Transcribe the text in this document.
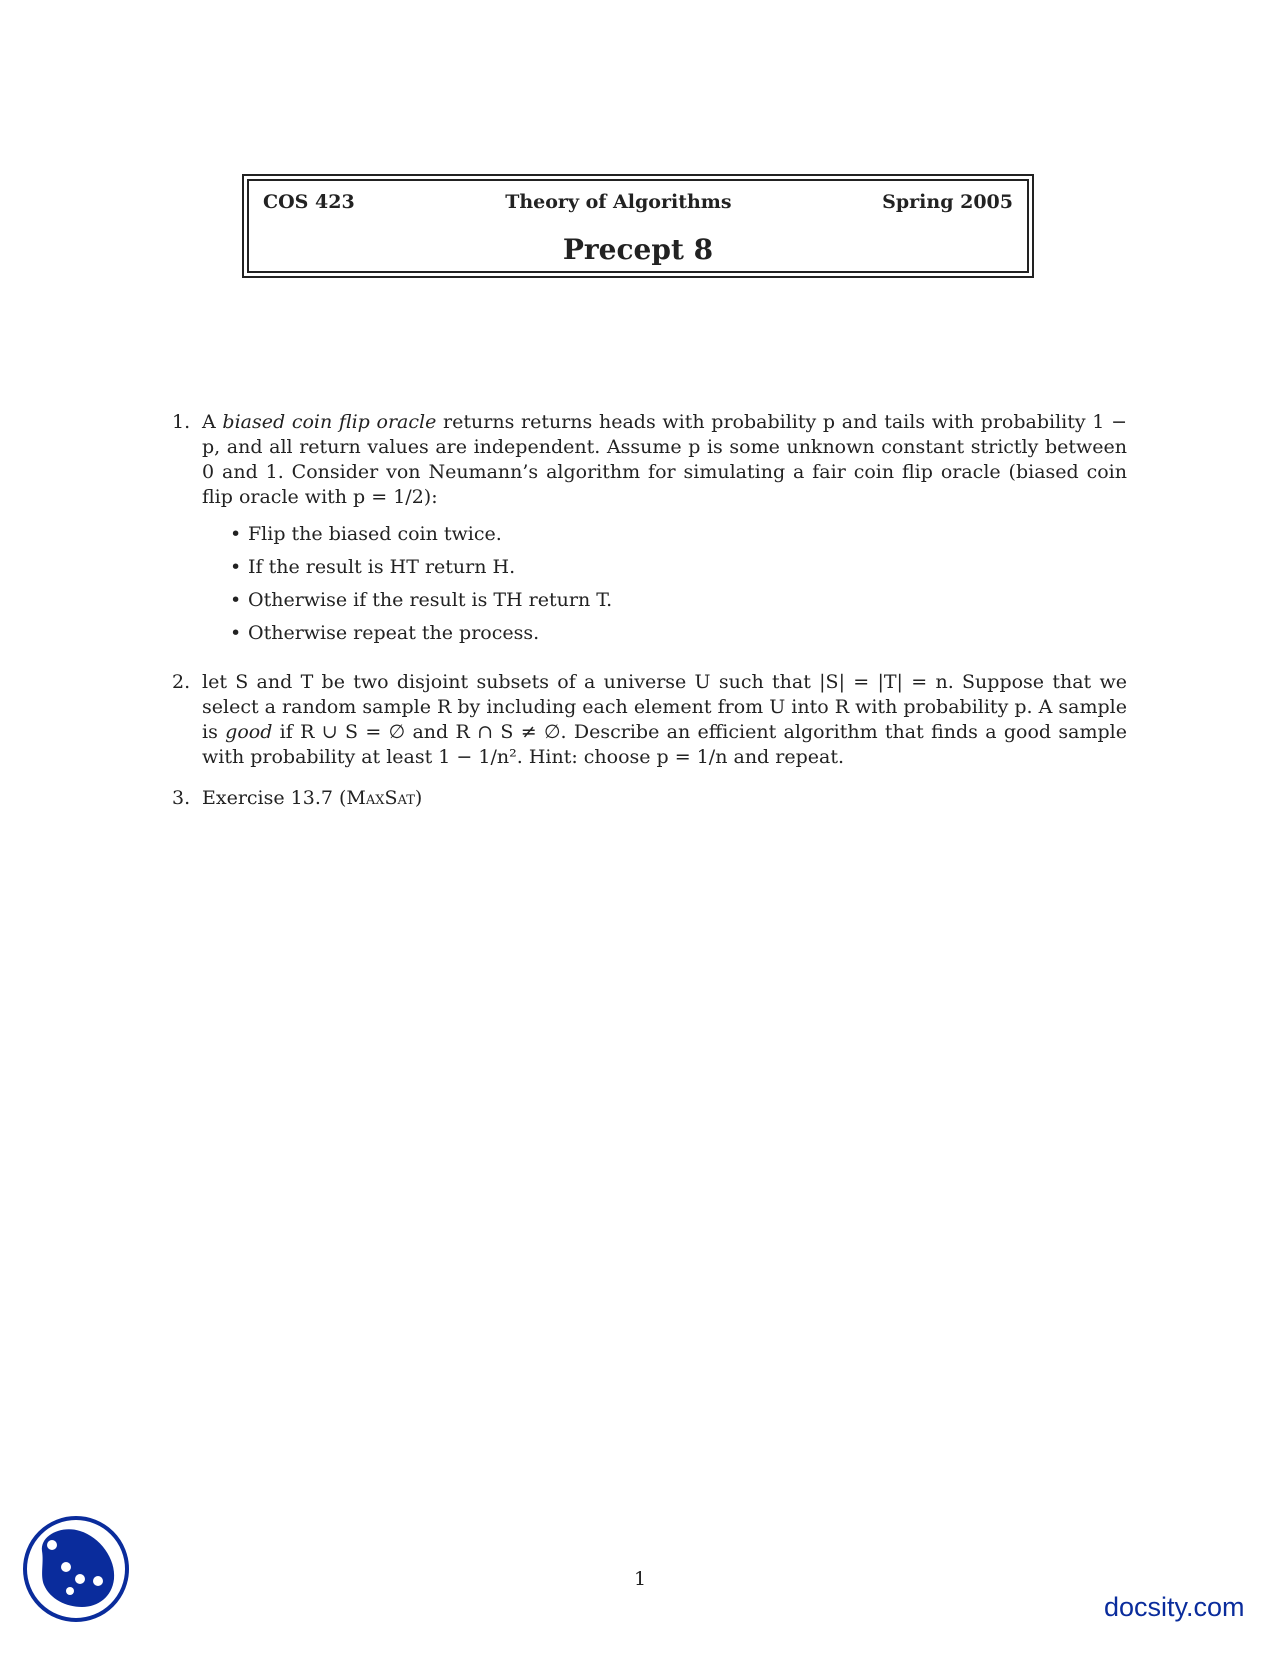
COS 423	Theory of Algorithms	Spring 2005
Precept 8
1. A biased coin flip oracle returns returns heads with probability p and tails with probability 1 − p, and all return values are independent. Assume p is some unknown constant strictly between 0 and 1. Consider von Neumann’s algorithm for simulating a fair coin flip oracle (biased coin flip oracle with p = 1/2):
• Flip the biased coin twice.
• If the result is HT return H.
• Otherwise if the result is TH return T.
• Otherwise repeat the process.
2. let S and T be two disjoint subsets of a universe U such that |S| = |T| = n. Suppose that we select a random sample R by including each element from U into R with probability p. A sample is good if R ∪ S = ∅ and R ∩ S ≠ ∅. Describe an efficient algorithm that finds a good sample with probability at least 1 − 1/n². Hint: choose p = 1/n and repeat.
3. Exercise 13.7 (MaxSat)
1
docsity.com
